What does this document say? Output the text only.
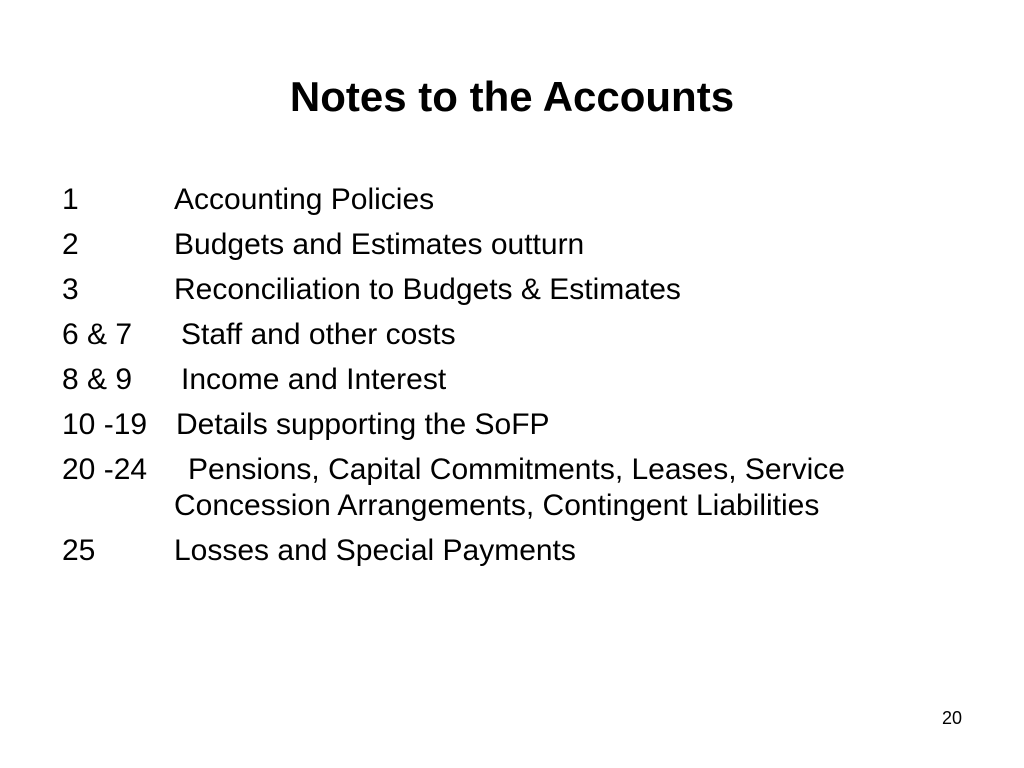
Notes to the Accounts
1	Accounting Policies
2	Budgets and Estimates outturn
3	Reconciliation to Budgets & Estimates
6 & 7 Staff and other costs
8 & 9 Income and Interest
10 -19 Details supporting the SoFP
20 -24 Pensions, Capital Commitments, Leases, Service
Concession Arrangements, Contingent Liabilities
25	Losses and Special Payments
20
